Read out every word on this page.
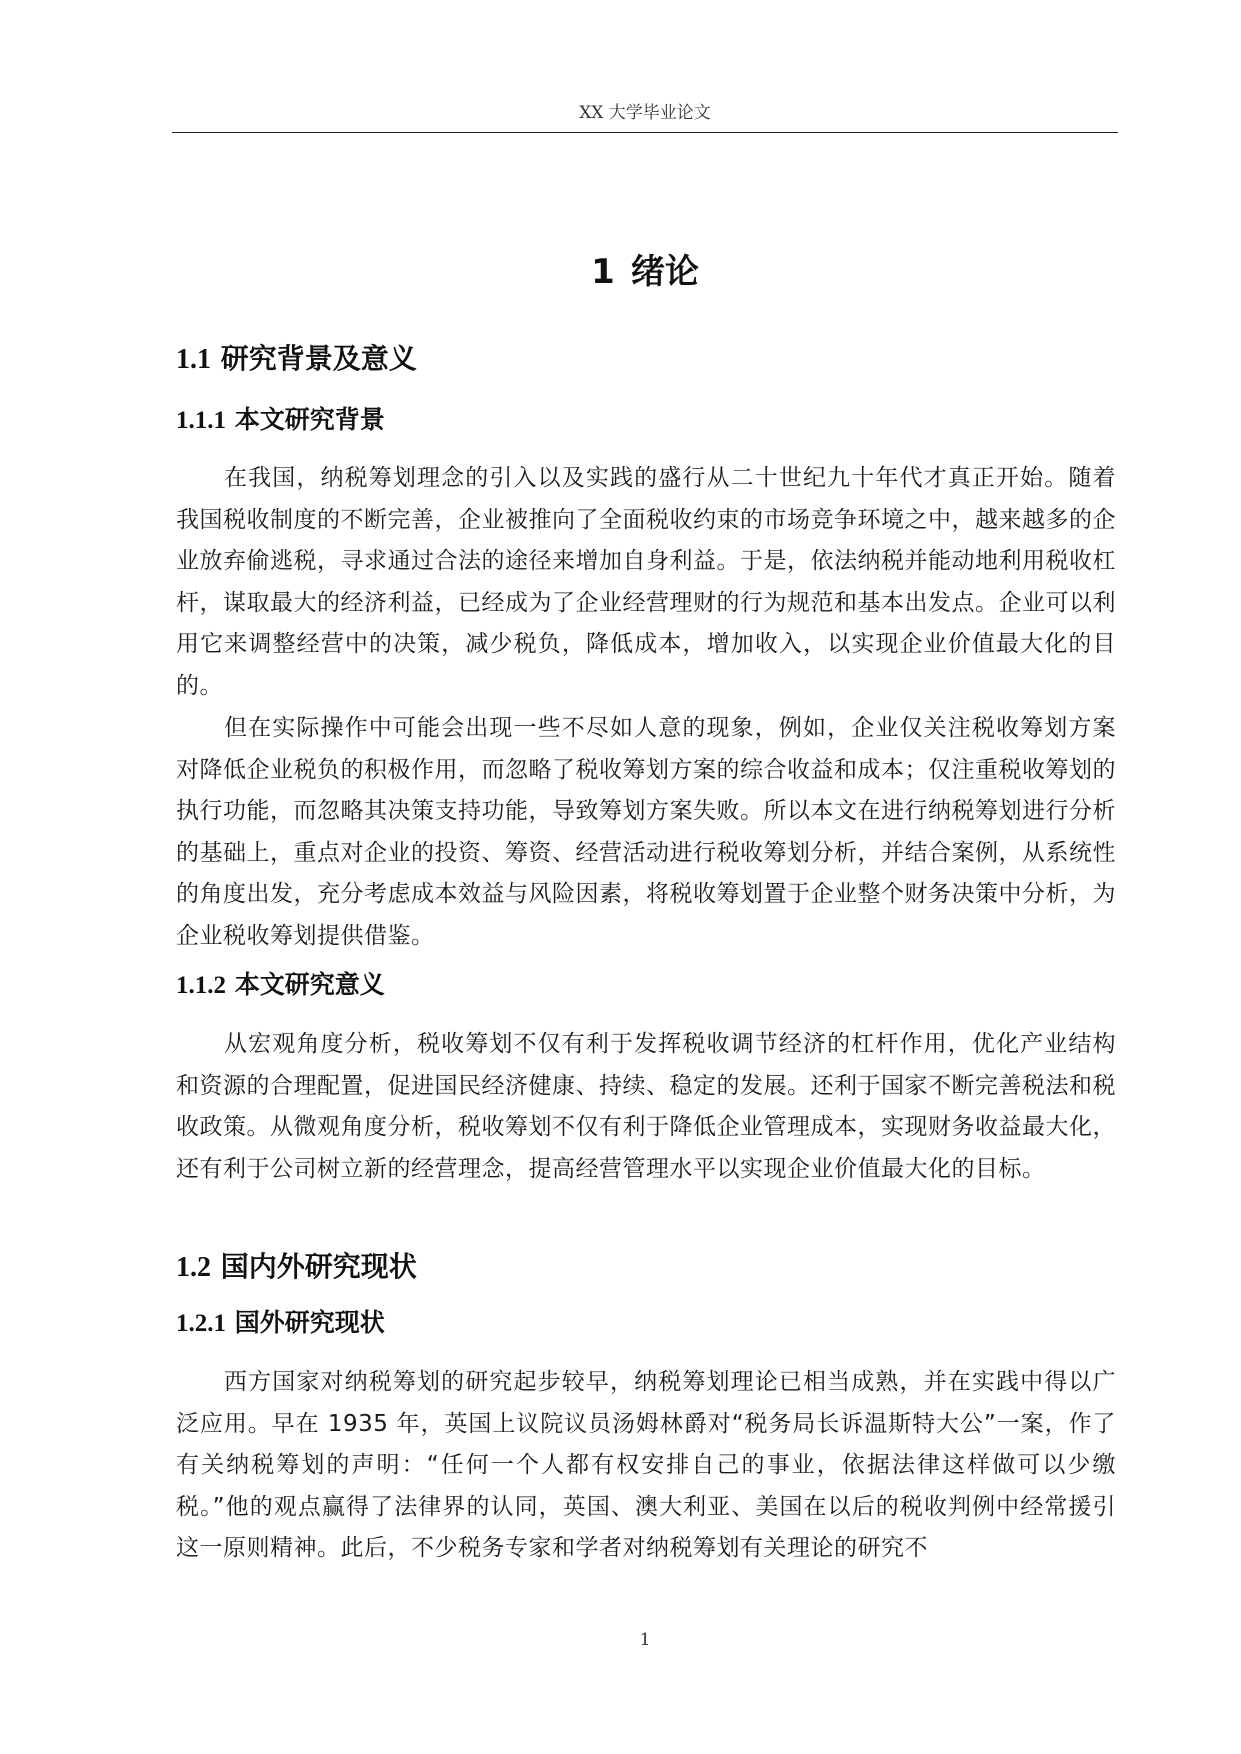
XX 大学毕业论文
1 绪论
1.1 研究背景及意义
1.1.1 本文研究背景

在我国，纳税筹划理念的引入以及实践的盛行从二十世纪九十年代才真正开始。随着我国税收制度的不断完善，企业被推向了全面税收约束的市场竞争环境之中，越来越多的企业放弃偷逃税，寻求通过合法的途径来增加自身利益。于是，依法纳税并能动地利用税收杠杆，谋取最大的经济利益，已经成为了企业经营理财的行为规范和基本出发点。企业可以利用它来调整经营中的决策，减少税负，降低成本，增加收入，以实现企业价值最大化的目的。

但在实际操作中可能会出现一些不尽如人意的现象，例如，企业仅关注税收筹划方案对降低企业税负的积极作用，而忽略了税收筹划方案的综合收益和成本；仅注重税收筹划的执行功能，而忽略其决策支持功能，导致筹划方案失败。所以本文在进行纳税筹划进行分析的基础上，重点对企业的投资、筹资、经营活动进行税收筹划分析，并结合案例，从系统性的角度出发，充分考虑成本效益与风险因素，将税收筹划置于企业整个财务决策中分析，为企业税收筹划提供借鉴。

1.1.2 本文研究意义

从宏观角度分析，税收筹划不仅有利于发挥税收调节经济的杠杆作用，优化产业结构和资源的合理配置，促进国民经济健康、持续、稳定的发展。还利于国家不断完善税法和税收政策。从微观角度分析，税收筹划不仅有利于降低企业管理成本，实现财务收益最大化，还有利于公司树立新的经营理念，提高经营管理水平以实现企业价值最大化的目标。

1.2 国内外研究现状
1.2.1 国外研究现状

西方国家对纳税筹划的研究起步较早，纳税筹划理论已相当成熟，并在实践中得以广泛应用。早在 1935 年，英国上议院议员汤姆林爵对“税务局长诉温斯特大公”一案，作了有关纳税筹划的声明：“任何一个人都有权安排自己的事业，依据法律这样做可以少缴税。”他的观点赢得了法律界的认同，英国、澳大利亚、美国在以后的税收判例中经常援引这一原则精神。此后，不少税务专家和学者对纳税筹划有关理论的研究不

1
